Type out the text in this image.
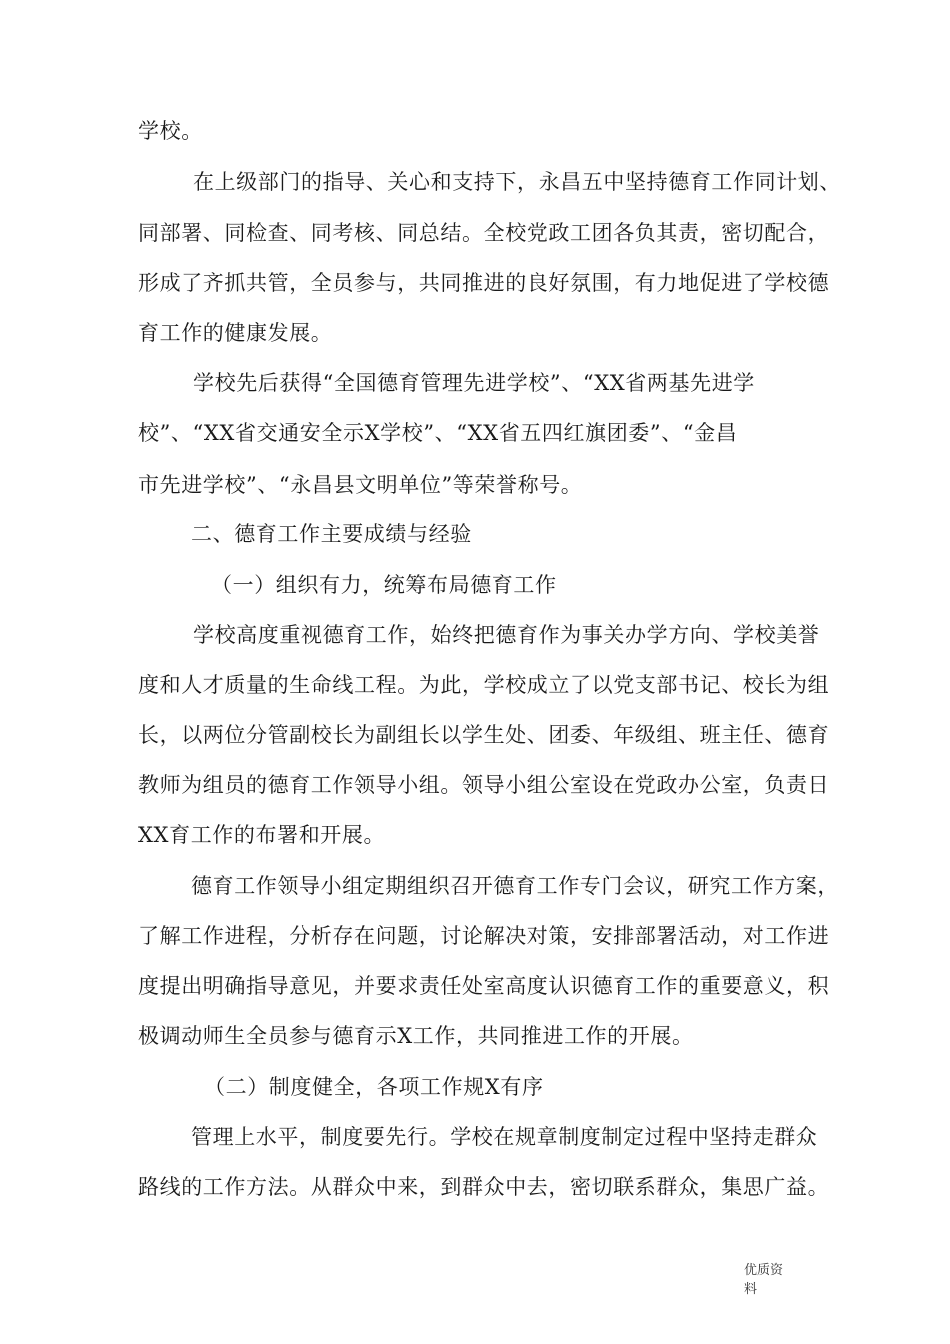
学校。
在上级部门的指导、关心和支持下，永昌五中坚持德育工作同计划、
同部署、同检查、同考核、同总结。全校党政工团各负其责，密切配合，
形成了齐抓共管，全员参与，共同推进的良好氛围，有力地促进了学校德
育工作的健康发展。
学校先后获得“全国德育管理先进学校”、“XX省两基先进学
校”、“XX省交通安全示X学校”、“XX省五四红旗团委”、“金昌
市先进学校”、“永昌县文明单位”等荣誉称号。
二、德育工作主要成绩与经验
（一）组织有力，统筹布局德育工作
学校高度重视德育工作，始终把德育作为事关办学方向、学校美誉
度和人才质量的生命线工程。为此，学校成立了以党支部书记、校长为组
长，以两位分管副校长为副组长以学生处、团委、年级组、班主任、德育
教师为组员的德育工作领导小组。领导小组公室设在党政办公室，负责日
XX育工作的布署和开展。
德育工作领导小组定期组织召开德育工作专门会议，研究工作方案，
了解工作进程，分析存在问题，讨论解决对策，安排部署活动，对工作进
度提出明确指导意见，并要求责任处室高度认识德育工作的重要意义，积
极调动师生全员参与德育示X工作，共同推进工作的开展。
（二）制度健全，各项工作规X有序
管理上水平，制度要先行。学校在规章制度制定过程中坚持走群众
路线的工作方法。从群众中来，到群众中去，密切联系群众，集思广益。
优质资
料
